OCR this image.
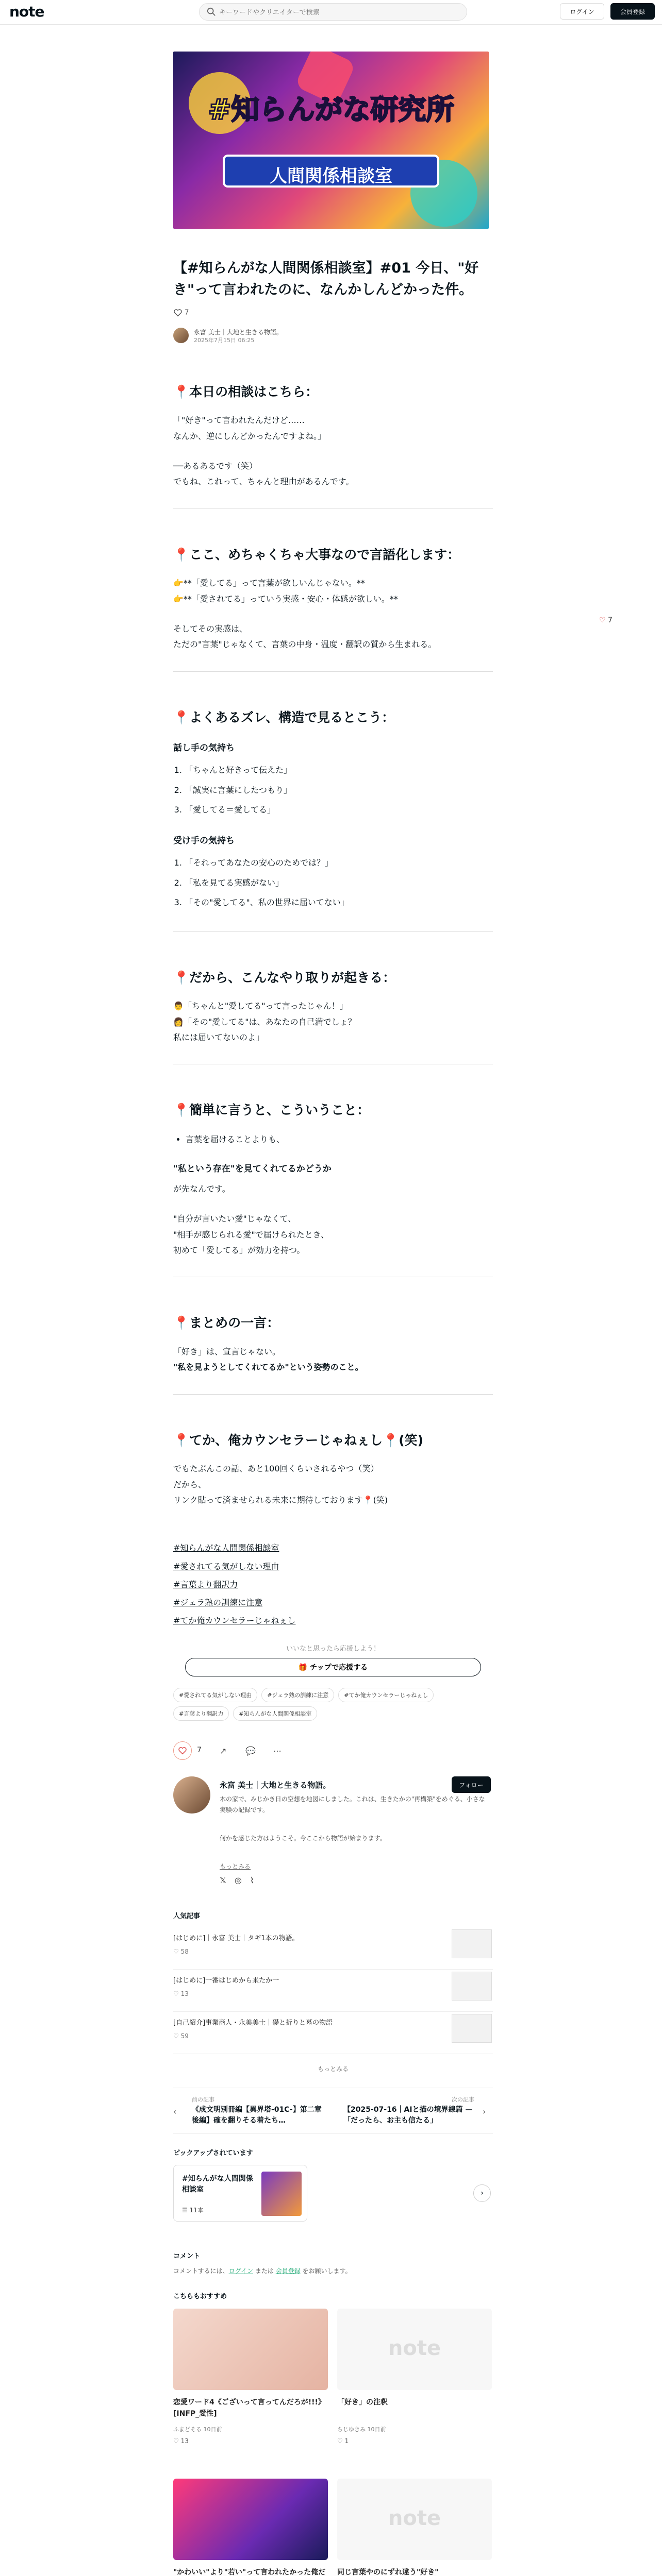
note
キーワードやクリエイターで検索	ログイン	会員登録
#知らんがな研究所
人間関係相談室
【#知らんがな人間関係相談室】#01 今日、"好き"って言われたのに、なんかしんどかった件。
7
永富 美士｜大地と生きる物語。
2025年7月15日 06:25
📍本日の相談はこちら：

「"好き"って言われたんだけど……

なんか、逆にしんどかったんですよね。」

──あるあるです（笑）

でもね、これって、ちゃんと理由があるんです。

📍ここ、めちゃくちゃ大事なので言語化します：

👉**「愛してる」って言葉が欲しいんじゃない。**

👉**「愛されてる」っていう実感・安心・体感が欲しい。**

そしてその実感は、

ただの"言葉"じゃなくて、言葉の中身・温度・翻訳の質から生まれる。

📍よくあるズレ、構造で見るとこう：
話し手の気持ち
1. 「ちゃんと好きって伝えた」
2. 「誠実に言葉にしたつもり」
3. 「愛してる＝愛してる」
受け手の気持ち
1. 「それってあなたの安心のためでは？」
2. 「私を見てる実感がない」
3. 「その"愛してる"、私の世界に届いてない」
📍だから、こんなやり取りが起きる：

👨「ちゃんと"愛してる"って言ったじゃん！」

👩「その"愛してる"は、あなたの自己満でしょ？

私には届いてないのよ」

📍簡単に言うと、こういうこと：
• 言葉を届けることよりも、
"私という存在"を見てくれてるかどうか

が先なんです。

"自分が言いたい愛"じゃなくて、

"相手が感じられる愛"で届けられたとき、

初めて「愛してる」が効力を持つ。

📍まとめの一言：

「好き」は、宣言じゃない。

"私を見ようとしてくれてるか"という姿勢のこと。

📍てか、俺カウンセラーじゃねぇし📍(笑)

でもたぶんこの話、あと100回くらいされるやつ（笑）

だから、

リンク貼って済ませられる未来に期待しております📍(笑)

#知らんがな人間関係相談室
#愛されてる気がしない理由
#言葉より翻訳力
#ジェラ熟の訓練に注意
#てか俺カウンセラーじゃねぇし
いいなと思ったら応援しよう！
🎁 チップで応援する
#愛されてる気がしない理由	#ジェラ熟の訓練に注意	#てか俺カウンセラーじゃねぇし
#言葉より翻訳力	#知らんがな人間関係相談室
7 ↗ 💬 ⋯
永富 美士｜大地と生きる物語。	フォロー
木の家で、みじかき日の空想を地図にしました。これは、生きたかの"再構築"をめぐる、小さな実験の記録です。
何かを感じた方はようこそ。今ここから物語が始まります。
もっとみる
𝕏◎⌇
人気記事
[はじめに]｜永富 美士｜タギ1本の物語。
♡ 58
[はじめに]一番はじめから来たか一
♡ 13
[自己紹介]事業商人・永美美士｜礎と折りと墓の物語
♡ 59
もっとみる
‹
前の記事
《成文明別冊編【異界塔-01C-】第二章 後編】確を翻りそる着たち…
次の記事
【2025-07-16｜AIと描の境界線篇 — 「だったら、お主も信たる」
›
ピックアップされています
#知らんがな人間関係相談室
☰ 11本
›
コメント
コメントするには、ログイン または 会員登録 をお願いします。
こちらもおすすめ
恋愛ワード4《ございって言ってんだろが!!!》[INFP_愛性]
ふまどそる 10日前
♡ 13
note
「好き」の注釈
ちじゆきみ 10日前
♡ 1
"かわいい"より"若い"って言われたかった俺だ
note
同じ言葉やのにずれ違う"好き"
♡ 7
